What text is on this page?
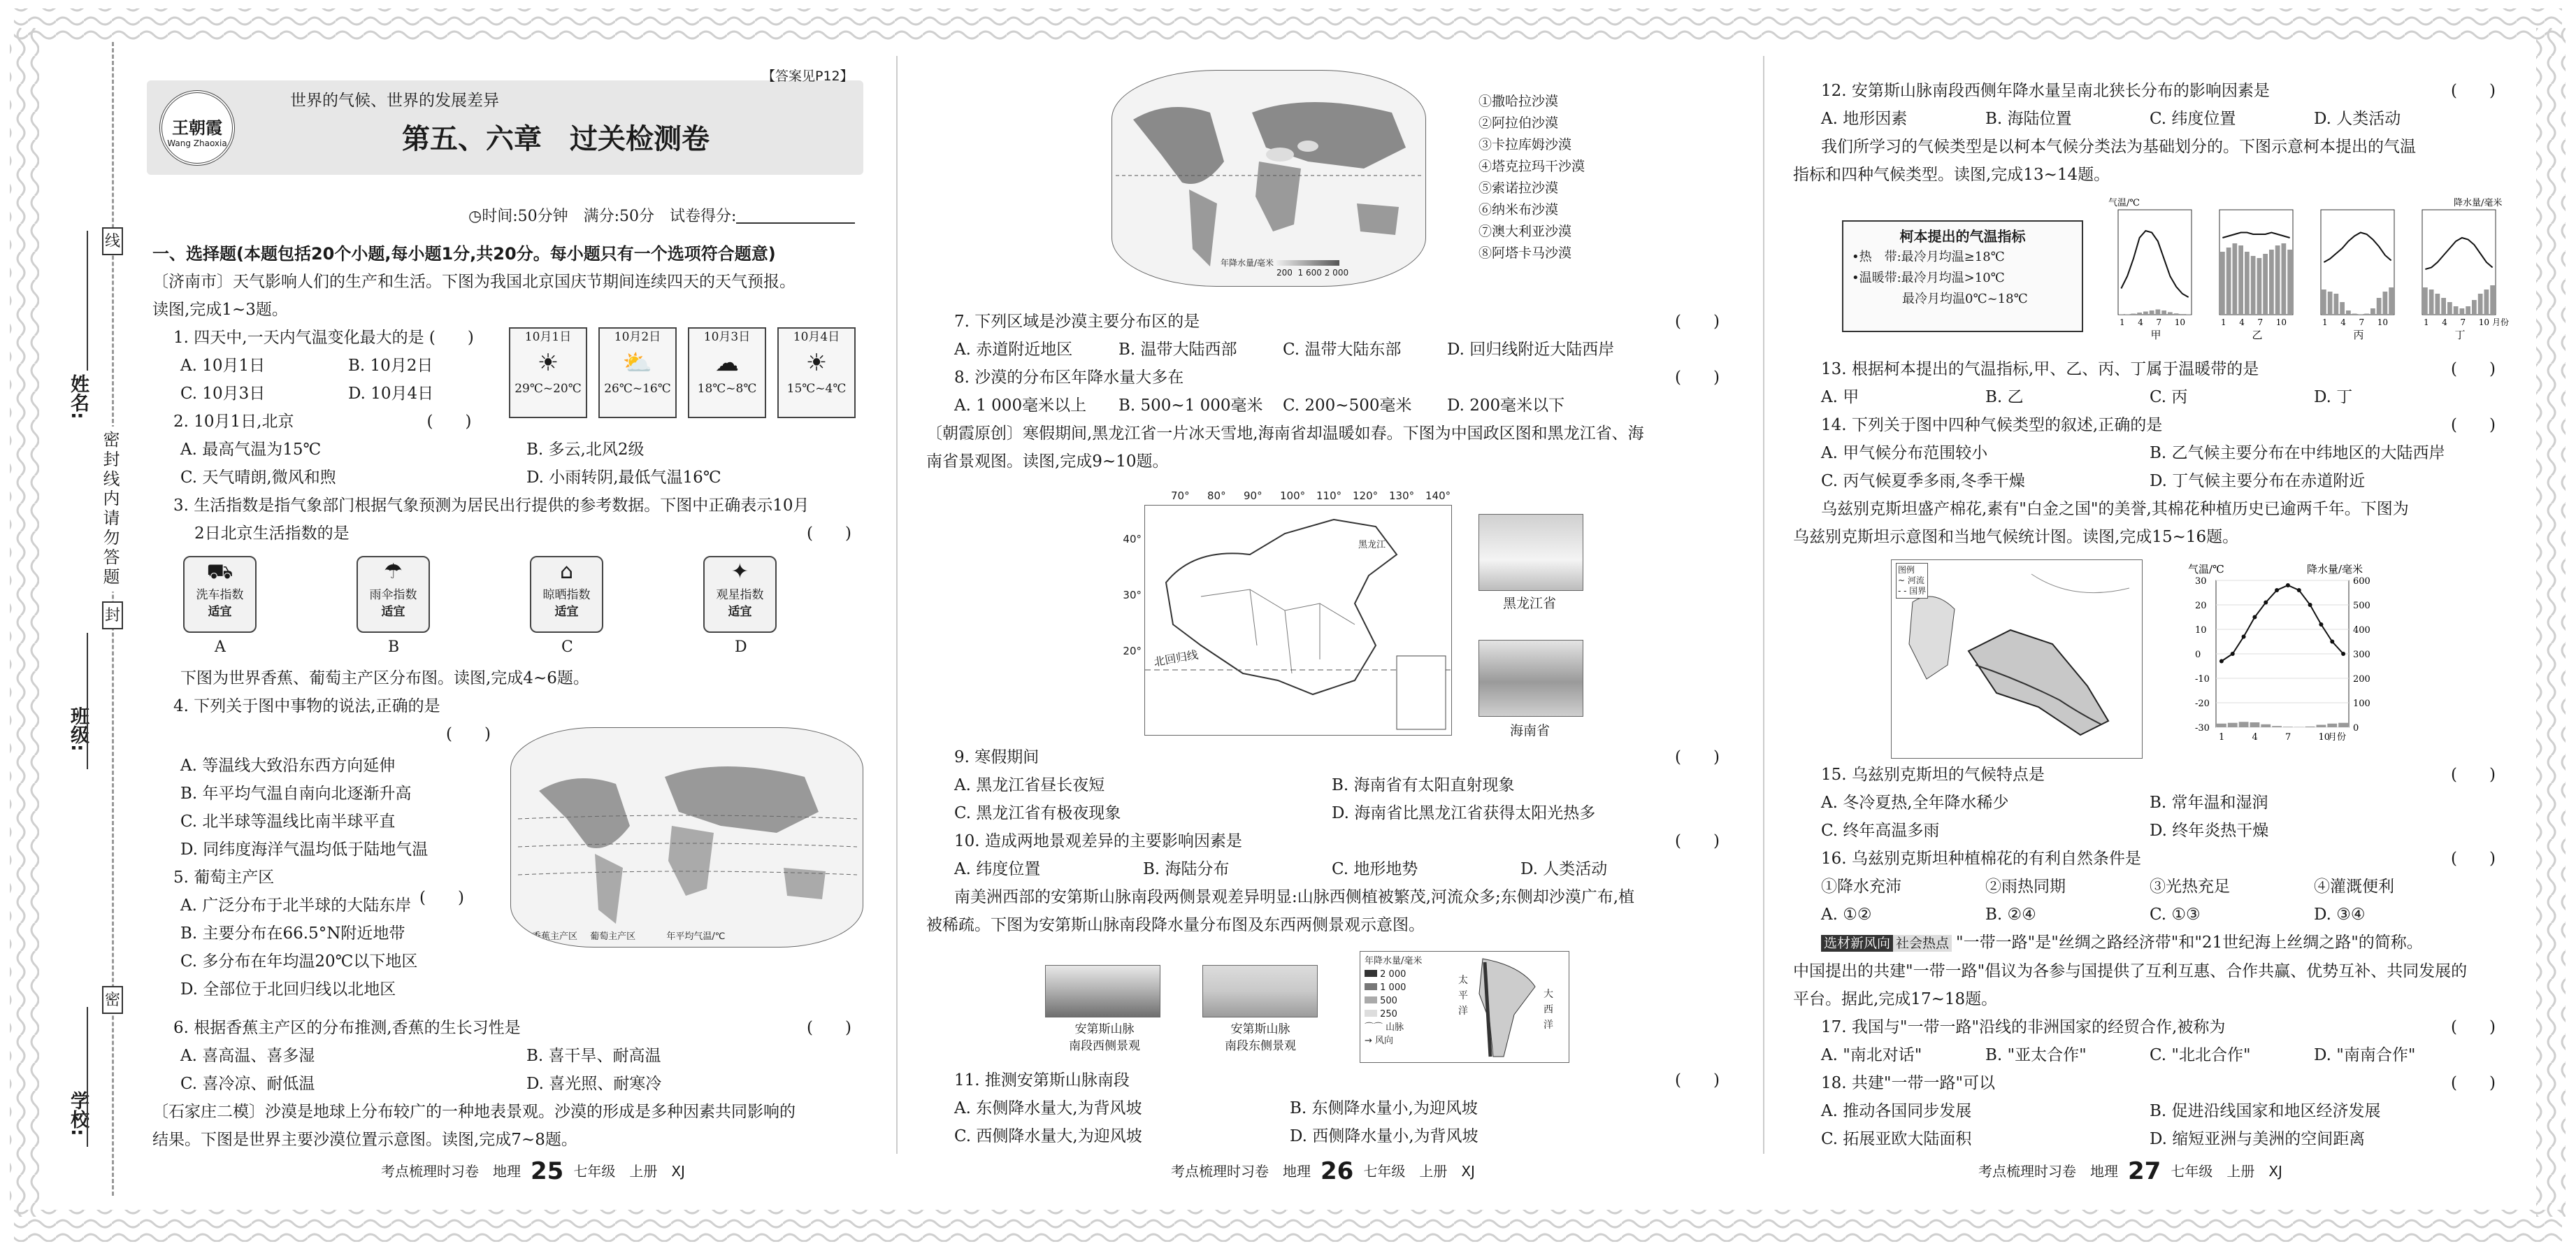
线
封
密
密封线内请勿答题
姓名:
班级:
学校:
王朝霞
Wang Zhaoxia
世界的气候、世界的发展差异
第五、六章　过关检测卷
【答案见P12】
◷时间:50分钟　满分:50分　试卷得分:

一、选择题(本题包括20个小题,每小题1分,共20分。每小题只有一个选项符合题意)

〔济南市〕天气影响人们的生产和生活。下图为我国北京国庆节期间连续四天的天气预报。

读图,完成1~3题。

1. 四天中,一天内气温变化最大的是 (　　)

A. 10月1日	B. 10月2日
C. 10月3日	D. 10月4日

2. 10月1日,北京	(　　)

A. 最高气温为15℃	B. 多云,北风2级
C. 天气晴朗,微风和煦	D. 小雨转阴,最低气温16℃
10月1日
☀
29℃~20℃
10月2日
⛅
26℃~16℃
10月3日
☁
18℃~8℃
10月4日
☀
15℃~4℃

3. 生活指数是指气象部门根据气象预测为居民出行提供的参考数据。下图中正确表示10月

2日北京生活指数的是	(　　)

⛟
洗车指数
适宜
A
☂
雨伞指数
适宜
B
⌂
晾晒指数
适宜
C
✦
观星指数
适宜
D

下图为世界香蕉、葡萄主产区分布图。读图,完成4~6题。

4. 下列关于图中事物的说法,正确的是

(　　)

A. 等温线大致沿东西方向延伸

B. 年平均气温自南向北逐渐升高

C. 北半球等温线比南半球平直

D. 同纬度海洋气温均低于陆地气温

5. 葡萄主产区

A. 广泛分布于北半球的大陆东岸

B. 主要分布在66.5°N附近地带

C. 多分布在年均温20℃以下地区

D. 全部位于北回归线以北地区

(　　)
香蕉主产区 葡萄主产区	年平均气温/℃

6. 根据香蕉主产区的分布推测,香蕉的生长习性是	(　　)

A. 喜高温、喜多湿	B. 喜干旱、耐高温
C. 喜冷凉、耐低温	D. 喜光照、耐寒冷

〔石家庄二模〕沙漠是地球上分布较广的一种地表景观。沙漠的形成是多种因素共同影响的

结果。下图是世界主要沙漠位置示意图。读图,完成7~8题。

考点梳理时习卷　地理 25 七年级　上册　XJ
年降水量/毫米
200 1 600 2 000
①撒哈拉沙漠
②阿拉伯沙漠
③卡拉库姆沙漠
④塔克拉玛干沙漠
⑤索诺拉沙漠
⑥纳米布沙漠
⑦澳大利亚沙漠
⑧阿塔卡马沙漠

7. 下列区域是沙漠主要分布区的是	(　　)

A. 赤道附近地区	B. 温带大陆西部	C. 温带大陆东部	D. 回归线附近大陆西岸

8. 沙漠的分布区年降水量大多在	(　　)

A. 1 000毫米以上	B. 500~1 000毫米	C. 200~500毫米	D. 200毫米以下

〔朝霞原创〕寒假期间,黑龙江省一片冰天雪地,海南省却温暖如春。下图为中国政区图和黑龙江省、海

南省景观图。读图,完成9~10题。

70° 80° 90° 100° 110° 120° 130° 140°
北回归线
黑龙江
40°
30°
20°
黑龙江省
海南省

9. 寒假期间	(　　)

A. 黑龙江省昼长夜短	B. 海南省有太阳直射现象
C. 黑龙江省有极夜现象	D. 海南省比黑龙江省获得太阳光热多

10. 造成两地景观差异的主要影响因素是	(　　)

A. 纬度位置	B. 海陆分布	C. 地形地势	D. 人类活动

南美洲西部的安第斯山脉南段两侧景观差异明显:山脉西侧植被繁茂,河流众多;东侧却沙漠广布,植

被稀疏。下图为安第斯山脉南段降水量分布图及东西两侧景观示意图。

安第斯山脉
南段西侧景观
安第斯山脉
南段东侧景观
年降水量/毫米
2 000
1 000
500
250
⌒⌒ 山脉
→ 风向
太
平
洋
大
西
洋

11. 推测安第斯山脉南段	(　　)

A. 东侧降水量大,为背风坡	B. 东侧降水量小,为迎风坡
C. 西侧降水量大,为迎风坡	D. 西侧降水量小,为背风坡
考点梳理时习卷　地理 26 七年级　上册　XJ

12. 安第斯山脉南段西侧年降水量呈南北狭长分布的影响因素是	(　　)

A. 地形因素	B. 海陆位置	C. 纬度位置	D. 人类活动

我们所学习的气候类型是以柯本气候分类法为基础划分的。下图示意柯本提出的气温

指标和四种气候类型。读图,完成13~14题。

柯本提出的气温指标
•热　带:最冷月均温≥18℃
•温暖带:最冷月均温>10℃
最冷月均温0℃~18℃
气温/℃	降水量/毫米
1 4 7 10
甲
1 4 7 10
乙
1 4 7 10
丙
1 4 7 10
丁
月份

13. 根据柯本提出的气温指标,甲、乙、丙、丁属于温暖带的是	(　　)

A. 甲	B. 乙	C. 丙	D. 丁

14. 下列关于图中四种气候类型的叙述,正确的是	(　　)

A. 甲气候分布范围较小	B. 乙气候主要分布在中纬地区的大陆西岸
C. 丙气候夏季多雨,冬季干燥	D. 丁气候主要分布在赤道附近

乌兹别克斯坦盛产棉花,素有"白金之国"的美誉,其棉花种植历史已逾两千年。下图为

乌兹别克斯坦示意图和当地气候统计图。读图,完成15~16题。

图例
~ 河流
- - 国界
气温/℃	降水量/毫米
30
20
10
0
-10
-20
-30
600
500
400
300
200
100
0
1	4	7	10
月份

15. 乌兹别克斯坦的气候特点是	(　　)

A. 冬冷夏热,全年降水稀少	B. 常年温和湿润
C. 终年高温多雨	D. 终年炎热干燥

16. 乌兹别克斯坦种植棉花的有利自然条件是	(　　)

①降水充沛	②雨热同期	③光热充足	④灌溉便利
A. ①②	B. ②④	C. ①③	D. ③④

选材新风向 社会热点 "一带一路"是"丝绸之路经济带"和"21世纪海上丝绸之路"的简称。

中国提出的共建"一带一路"倡议为各参与国提供了互利互惠、合作共赢、优势互补、共同发展的

平台。据此,完成17~18题。

17. 我国与"一带一路"沿线的非洲国家的经贸合作,被称为	(　　)

A. "南北对话"	B. "亚太合作"	C. "北北合作"	D. "南南合作"

18. 共建"一带一路"可以	(　　)

A. 推动各国同步发展	B. 促进沿线国家和地区经济发展
C. 拓展亚欧大陆面积	D. 缩短亚洲与美洲的空间距离
考点梳理时习卷　地理 27 七年级　上册　XJ
